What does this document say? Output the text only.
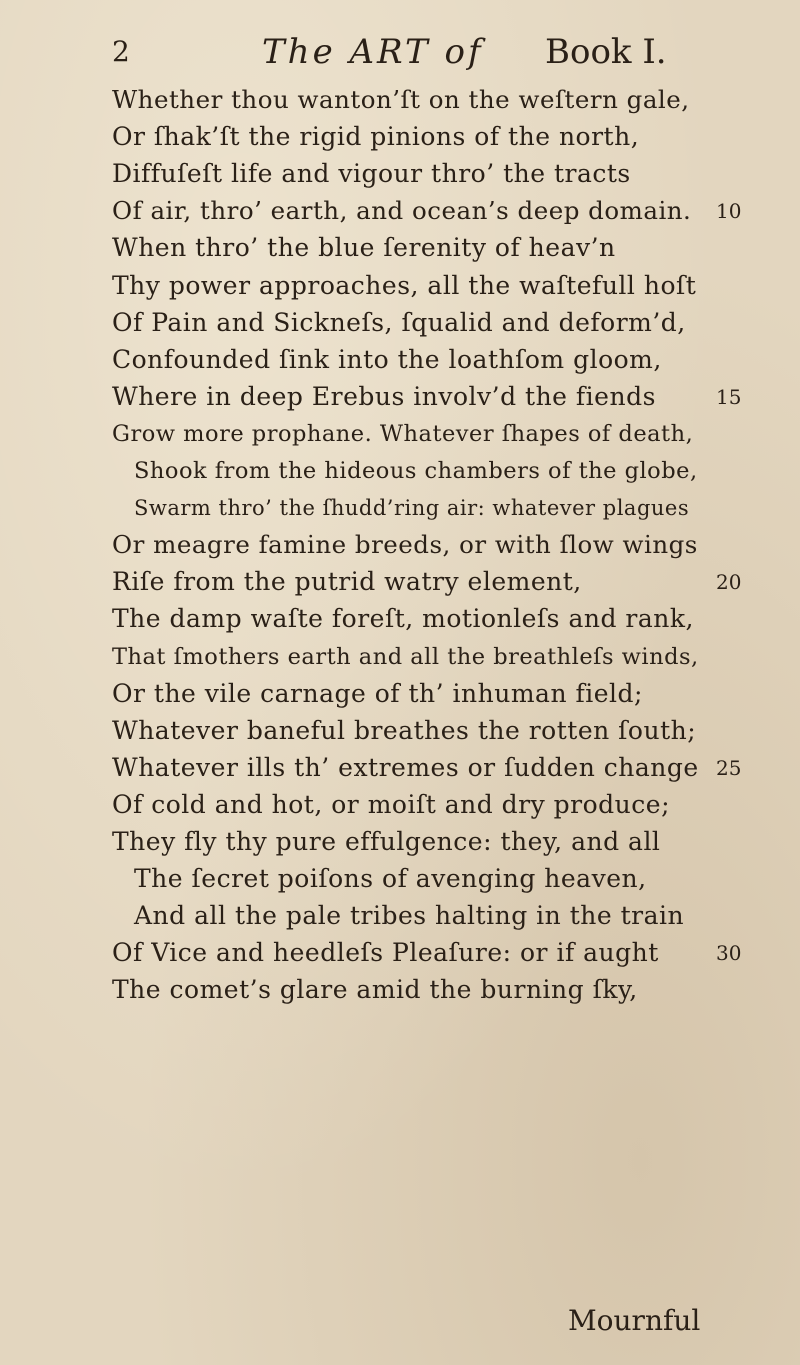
2	The ART of Book I.
Whether thou wanton’ſt on the weſtern gale,
Or ſhak’ſt the rigid pinions of the north,
Diffuſeſt life and vigour thro’ the tracts
Of air, thro’ earth, and ocean’s deep domain. 10
When thro’ the blue ſerenity of heav’n
Thy power approaches, all the waſtefull hoſt
Of Pain and Sickneſs, ſqualid and deform’d,
Confounded ſink into the loathſom gloom,
Where in deep Erebus involv’d the fiends	15
Grow more prophane. Whatever ſhapes of death,
Shook from the hideous chambers of the globe,
Swarm thro’ the ſhudd’ring air: whatever plagues
Or meagre famine breeds, or with ſlow wings
Riſe from the putrid watry element,	20
The damp waſte foreſt, motionleſs and rank,
That ſmothers earth and all the breathleſs winds,
Or the vile carnage of th’ inhuman field;
Whatever baneful breathes the rotten ſouth;
Whatever ills th’ extremes or ſudden change 25
Of cold and hot, or moiſt and dry produce;
They fly thy pure effulgence: they, and all
The ſecret poiſons of avenging heaven,
And all the pale tribes halting in the train
Of Vice and heedleſs Pleaſure: or if aught	30
The comet’s glare amid the burning ſky,
Mournful
